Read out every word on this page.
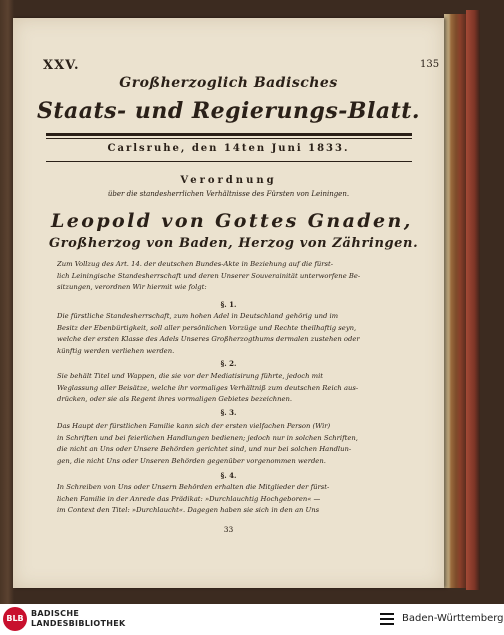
XXV.	135
Großherzoglich Badisches
Staats- und Regierungs-Blatt.
Carlsruhe, den 14ten Juni 1833.
Verordnung
über die standesherrlichen Verhältnisse des Fürsten von Leiningen.
Leopold von Gottes Gnaden,
Großherzog von Baden, Herzog von Zähringen.
Zum Vollzug des Art. 14. der deutschen Bundes-Akte in Beziehung auf die fürst-
lich Leiningische Standesherrschaft und deren Unserer Souverainität unterworfene Be-
sitzungen, verordnen Wir hiermit wie folgt:
§. 1.
Die fürstliche Standesherrschaft, zum hohen Adel in Deutschland gehörig und im
Besitz der Ebenbürtigkeit, soll aller persönlichen Vorzüge und Rechte theilhaftig seyn,
welche der ersten Klasse des Adels Unseres Großherzogthums dermalen zustehen oder
künftig werden verliehen werden.
§. 2.
Sie behält Titel und Wappen, die sie vor der Mediatisirung führte, jedoch mit
Weglassung aller Beisätze, welche ihr vormaliges Verhältniß zum deutschen Reich aus-
drücken, oder sie als Regent ihres vormaligen Gebietes bezeichnen.
§. 3.
Das Haupt der fürstlichen Familie kann sich der ersten vielfachen Person (Wir)
in Schriften und bei feierlichen Handlungen bedienen; jedoch nur in solchen Schriften,
die nicht an Uns oder Unsere Behörden gerichtet sind, und nur bei solchen Handlun-
gen, die nicht Uns oder Unseren Behörden gegenüber vorgenommen werden.
§. 4.
In Schreiben von Uns oder Unsern Behörden erhalten die Mitglieder der fürst-
lichen Familie in der Anrede das Prädikat: »Durchlauchtig Hochgeboren« —
im Context den Titel: »Durchlaucht«. Dagegen haben sie sich in den an Uns
33
BLB
BADISCHE
LANDESBIBLIOTHEK	Baden-Württemberg
